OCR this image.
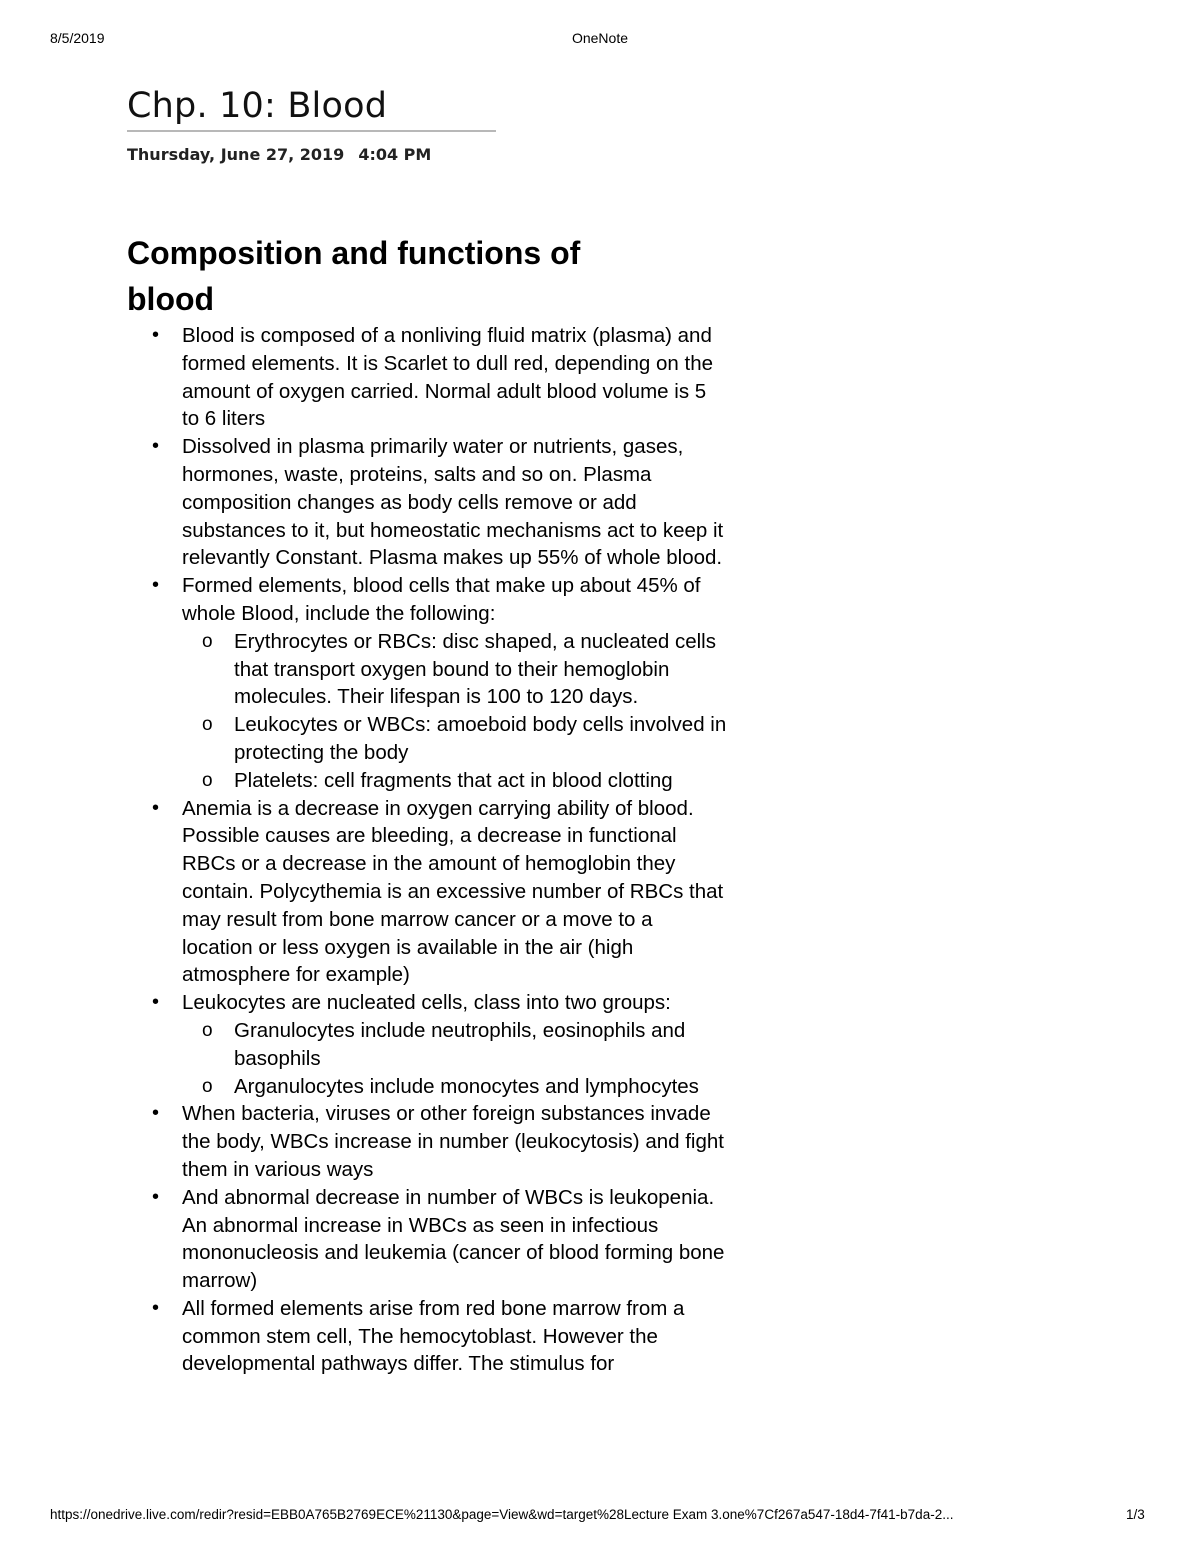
8/5/2019	OneNote
Chp. 10: Blood
Thursday, June 27, 2019 4:04 PM
Composition and functions of blood
• Blood is composed of a nonliving fluid matrix (plasma) and formed elements. It is Scarlet to dull red, depending on the amount of oxygen carried. Normal adult blood volume is 5 to 6 liters
• Dissolved in plasma primarily water or nutrients, gases, hormones, waste, proteins, salts and so on. Plasma composition changes as body cells remove or add substances to it, but homeostatic mechanisms act to keep it relevantly Constant. Plasma makes up 55% of whole blood.
• Formed elements, blood cells that make up about 45% of whole Blood, include the following:
o Erythrocytes or RBCs: disc shaped, a nucleated cells that transport oxygen bound to their hemoglobin molecules. Their lifespan is 100 to 120 days.
o Leukocytes or WBCs: amoeboid body cells involved in protecting the body
o Platelets: cell fragments that act in blood clotting
• Anemia is a decrease in oxygen carrying ability of blood. Possible causes are bleeding, a decrease in functional RBCs or a decrease in the amount of hemoglobin they contain. Polycythemia is an excessive number of RBCs that may result from bone marrow cancer or a move to a location or less oxygen is available in the air (high atmosphere for example)
• Leukocytes are nucleated cells, class into two groups:
o Granulocytes include neutrophils, eosinophils and basophils
o Arganulocytes include monocytes and lymphocytes
• When bacteria, viruses or other foreign substances invade the body, WBCs increase in number (leukocytosis) and fight them in various ways
• And abnormal decrease in number of WBCs is leukopenia. An abnormal increase in WBCs as seen in infectious mononucleosis and leukemia (cancer of blood forming bone marrow)
• All formed elements arise from red bone marrow from a common stem cell, The hemocytoblast. However the developmental pathways differ. The stimulus for
https://onedrive.live.com/redir?resid=EBB0A765B2769ECE%21130&page=View&wd=target%28Lecture Exam 3.one%7Cf267a547-18d4-7f41-b7da-2...	1/3
